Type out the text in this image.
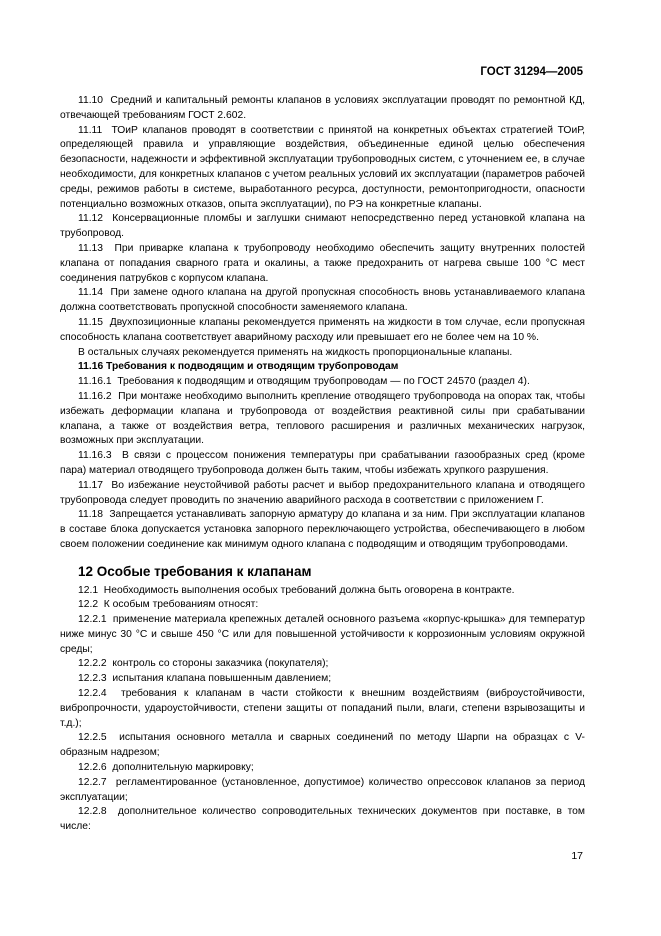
ГОСТ 31294—2005

11.10 Средний и капитальный ремонты клапанов в условиях эксплуатации проводят по ремонтной КД, отвечающей требованиям ГОСТ 2.602.

11.11 ТОиР клапанов проводят в соответствии с принятой на конкретных объектах стратегией ТОиР, определяющей правила и управляющие воздействия, объединенные единой целью обеспечения безопасности, надежности и эффективной эксплуатации трубопроводных систем, с уточнением ее, в случае необходимости, для конкретных клапанов с учетом реальных условий их эксплуатации (параметров рабочей среды, режимов работы в системе, выработанного ресурса, доступности, ремонтопригодности, опасности потенциально возможных отказов, опыта эксплуатации), по РЭ на конкретные клапаны.

11.12 Консервационные пломбы и заглушки снимают непосредственно перед установкой клапана на трубопровод.

11.13 При приварке клапана к трубопроводу необходимо обеспечить защиту внутренних полостей клапана от попадания сварного грата и окалины, а также предохранить от нагрева свыше 100 °С мест соединения патрубков с корпусом клапана.

11.14 При замене одного клапана на другой пропускная способность вновь устанавливаемого клапана должна соответствовать пропускной способности заменяемого клапана.

11.15 Двухпозиционные клапаны рекомендуется применять на жидкости в том случае, если пропускная способность клапана соответствует аварийному расходу или превышает его не более чем на 10 %.

В остальных случаях рекомендуется применять на жидкость пропорциональные клапаны.

11.16 Требования к подводящим и отводящим трубопроводам

11.16.1 Требования к подводящим и отводящим трубопроводам — по ГОСТ 24570 (раздел 4).

11.16.2 При монтаже необходимо выполнить крепление отводящего трубопровода на опорах так, чтобы избежать деформации клапана и трубопровода от воздействия реактивной силы при срабатывании клапана, а также от воздействия ветра, теплового расширения и различных механических нагрузок, возможных при эксплуатации.

11.16.3 В связи с процессом понижения температуры при срабатывании газообразных сред (кроме пара) материал отводящего трубопровода должен быть таким, чтобы избежать хрупкого разрушения.

11.17 Во избежание неустойчивой работы расчет и выбор предохранительного клапана и отводящего трубопровода следует проводить по значению аварийного расхода в соответствии с приложением Г.

11.18 Запрещается устанавливать запорную арматуру до клапана и за ним. При эксплуатации клапанов в составе блока допускается установка запорного переключающего устройства, обеспечивающего в любом своем положении соединение как минимум одного клапана с подводящим и отводящим трубопроводами.

12 Особые требования к клапанам

12.1 Необходимость выполнения особых требований должна быть оговорена в контракте.

12.2 К особым требованиям относят:

12.2.1 применение материала крепежных деталей основного разъема «корпус-крышка» для температур ниже минус 30 °С и свыше 450 °С или для повышенной устойчивости к коррозионным условиям окружной среды;

12.2.2 контроль со стороны заказчика (покупателя);

12.2.3 испытания клапана повышенным давлением;

12.2.4 требования к клапанам в части стойкости к внешним воздействиям (виброустойчивости, вибропрочности, удароустойчивости, степени защиты от попаданий пыли, влаги, степени взрывозащиты и т.д.);

12.2.5 испытания основного металла и сварных соединений по методу Шарпи на образцах с V-образным надрезом;

12.2.6 дополнительную маркировку;

12.2.7 регламентированное (установленное, допустимое) количество опрессовок клапанов за период эксплуатации;

12.2.8 дополнительное количество сопроводительных технических документов при поставке, в том числе:

17
